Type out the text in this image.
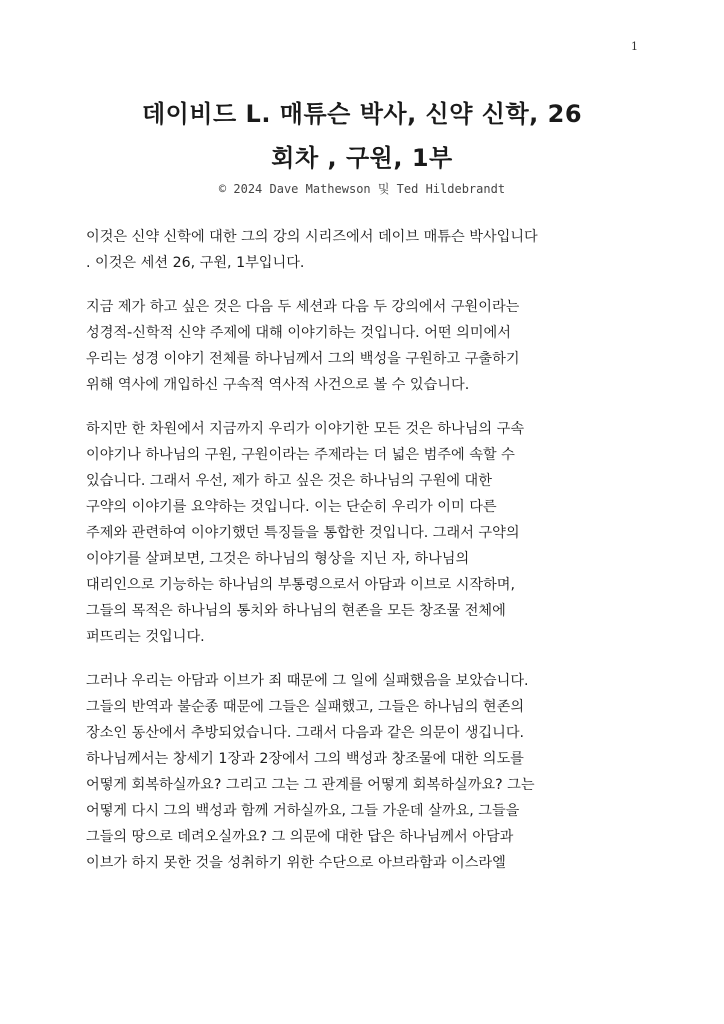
1
데이비드 L. 매튜슨 박사, 신약 신학, 26
회차 , 구원, 1부
© 2024 Dave Mathewson 및 Ted Hildebrandt

이것은 신약 신학에 대한 그의 강의 시리즈에서 데이브 매튜슨 박사입니다
. 이것은 세션 26, 구원, 1부입니다.

지금 제가 하고 싶은 것은 다음 두 세션과 다음 두 강의에서 구원이라는
성경적-신학적 신약 주제에 대해 이야기하는 것입니다. 어떤 의미에서
우리는 성경 이야기 전체를 하나님께서 그의 백성을 구원하고 구출하기
위해 역사에 개입하신 구속적 역사적 사건으로 볼 수 있습니다.

하지만 한 차원에서 지금까지 우리가 이야기한 모든 것은 하나님의 구속
이야기나 하나님의 구원, 구원이라는 주제라는 더 넓은 범주에 속할 수
있습니다. 그래서 우선, 제가 하고 싶은 것은 하나님의 구원에 대한
구약의 이야기를 요약하는 것입니다. 이는 단순히 우리가 이미 다른
주제와 관련하여 이야기했던 특징들을 통합한 것입니다. 그래서 구약의
이야기를 살펴보면, 그것은 하나님의 형상을 지닌 자, 하나님의
대리인으로 기능하는 하나님의 부통령으로서 아담과 이브로 시작하며,
그들의 목적은 하나님의 통치와 하나님의 현존을 모든 창조물 전체에
퍼뜨리는 것입니다.

그러나 우리는 아담과 이브가 죄 때문에 그 일에 실패했음을 보았습니다.
그들의 반역과 불순종 때문에 그들은 실패했고, 그들은 하나님의 현존의
장소인 동산에서 추방되었습니다. 그래서 다음과 같은 의문이 생깁니다.
하나님께서는 창세기 1장과 2장에서 그의 백성과 창조물에 대한 의도를
어떻게 회복하실까요? 그리고 그는 그 관계를 어떻게 회복하실까요? 그는
어떻게 다시 그의 백성과 함께 거하실까요, 그들 가운데 살까요, 그들을
그들의 땅으로 데려오실까요? 그 의문에 대한 답은 하나님께서 아담과
이브가 하지 못한 것을 성취하기 위한 수단으로 아브라함과 이스라엘
